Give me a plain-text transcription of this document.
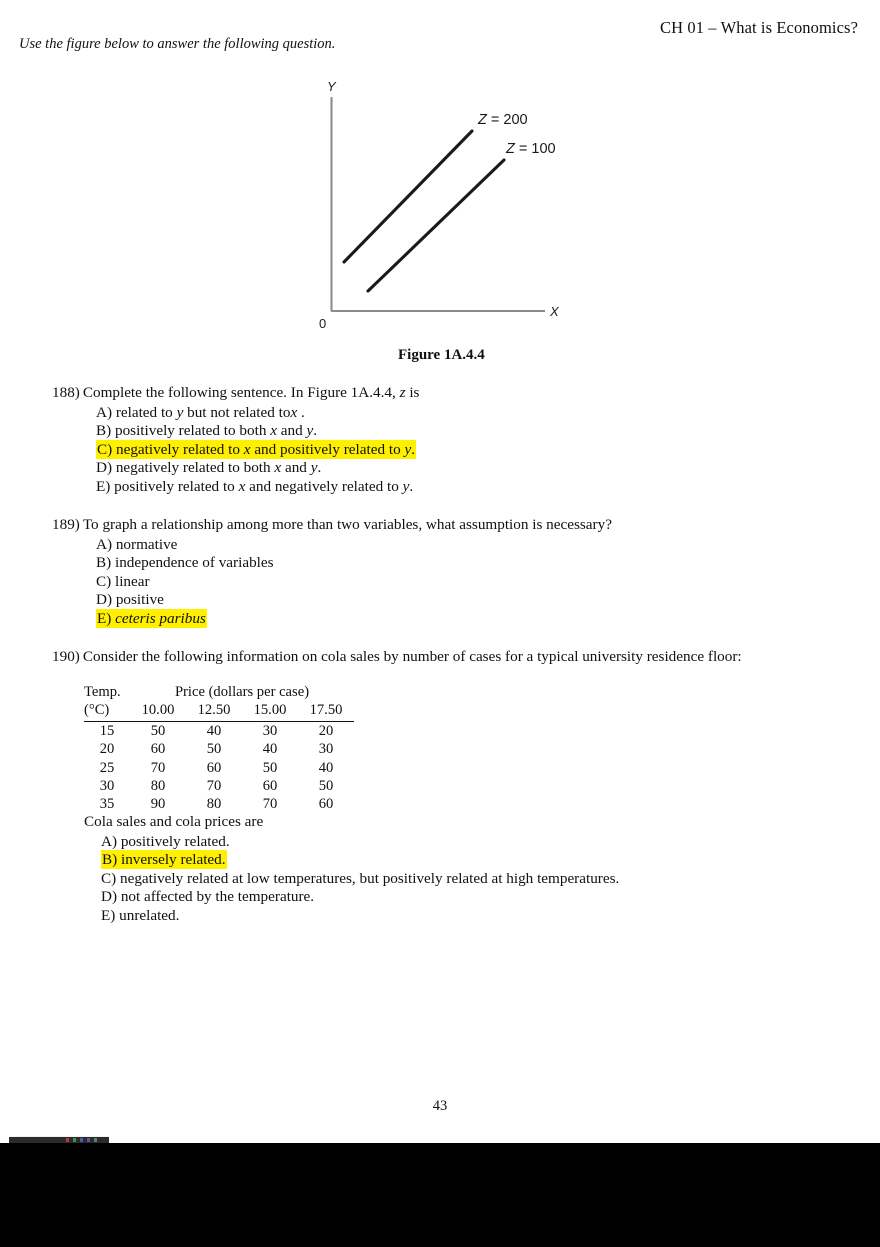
CH 01 – What is Economics?
Use the figure below to answer the following question.
Y
X
0
Z = 200
Z = 100
Figure 1A.4.4
188) Complete the following sentence. In Figure 1A.4.4, z is
A) related to y but not related tox .
B) positively related to both x and y.
C) negatively related to x and positively related to y.
D) negatively related to both x and y.
E) positively related to x and negatively related to y.
189) To graph a relationship among more than two variables, what assumption is necessary?
A) normative
B) independence of variables
C) linear
D) positive
E) ceteris paribus
190) Consider the following information on cola sales by number of cases for a typical university residence floor:
Temp.	Price (dollars per case)			
(°C)	10.00	12.50	15.00	17.50
15	50	40	30	20
20	60	50	40	30
25	70	60	50	40
30	80	70	60	50
35	90	80	70	60
Cola sales and cola prices are
A) positively related.
B) inversely related.
C) negatively related at low temperatures, but positively related at high temperatures.
D) not affected by the temperature.
E) unrelated.
43
